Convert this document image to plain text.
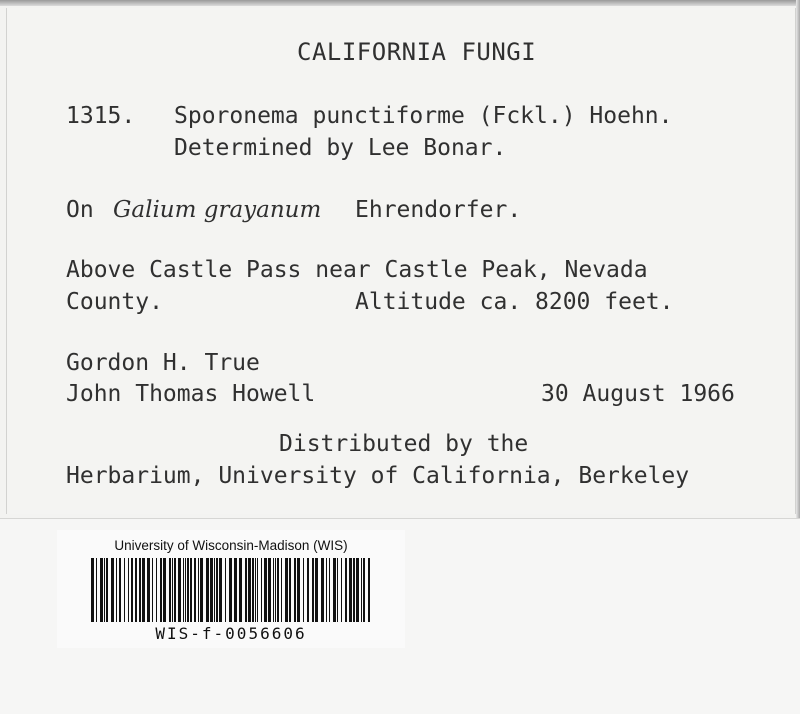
CALIFORNIA FUNGI

1315. Sporonema punctiforme (Fckl.) Hoehn.

Determined by Lee Bonar.

On Galium grayanum Ehrendorfer.

Above Castle Pass near Castle Peak, Nevada

County.	Altitude ca. 8200 feet.

Gordon H. True

John Thomas Howell	30 August 1966

Distributed by the

Herbarium, University of California, Berkeley

University of Wisconsin-Madison (WIS)
WIS-f-0056606
